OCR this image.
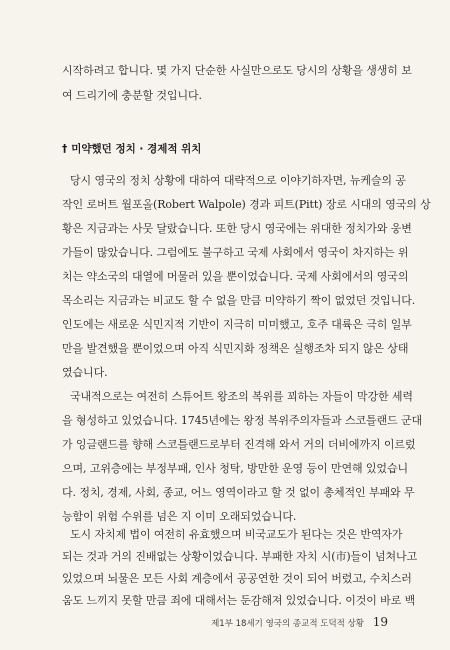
시작하려고 합니다. 몇 가지 단순한 사실만으로도 당시의 상황을 생생히 보
여 드리기에 충분할 것입니다.
† 미약했던 정치 · 경제적 위치
당시 영국의 정치 상황에 대하여 대략적으로 이야기하자면, 뉴케슬의 공
작인 로버트 월포올(Robert Walpole) 경과 피트(Pitt) 장로 시대의 영국의 상
황은 지금과는 사뭇 달랐습니다. 또한 당시 영국에는 위대한 정치가와 웅변
가들이 많았습니다. 그럼에도 불구하고 국제 사회에서 영국이 차지하는 위
치는 약소국의 대열에 머물러 있을 뿐이었습니다. 국제 사회에서의 영국의
목소리는 지금과는 비교도 할 수 없을 만큼 미약하기 짝이 없었던 것입니다.
인도에는 새로운 식민지적 기반이 지극히 미미했고, 호주 대륙은 극히 일부
만을 발견했을 뿐이었으며 아직 식민지화 정책은 실행조차 되지 않은 상태
였습니다.
국내적으로는 여전히 스튜어트 왕조의 복위를 꾀하는 자들이 막강한 세력
을 형성하고 있었습니다. 1745년에는 왕정 복위주의자들과 스코틀랜드 군대
가 잉글랜드를 향해 스코틀랜드로부터 진격해 와서 거의 더비에까지 이르렀
으며, 고위층에는 부정부패, 인사 청탁, 방만한 운영 등이 만연해 있었습니
다. 정치, 경제, 사회, 종교, 어느 영역이라고 할 것 없이 총체적인 부패와 무
능함이 위험 수위를 넘은 지 이미 오래되었습니다.
도시 자치제 법이 여전히 유효했으며 비국교도가 된다는 것은 반역자가
되는 것과 거의 진배없는 상황이었습니다. 부패한 자치 시(市)들이 넘쳐나고
있었으며 뇌물은 모든 사회 계층에서 공공연한 것이 되어 버렸고, 수치스러
움도 느끼지 못할 만큼 죄에 대해서는 둔감해져 있었습니다. 이것이 바로 백
제1부 18세기 영국의 종교적 도덕적 상황 19
